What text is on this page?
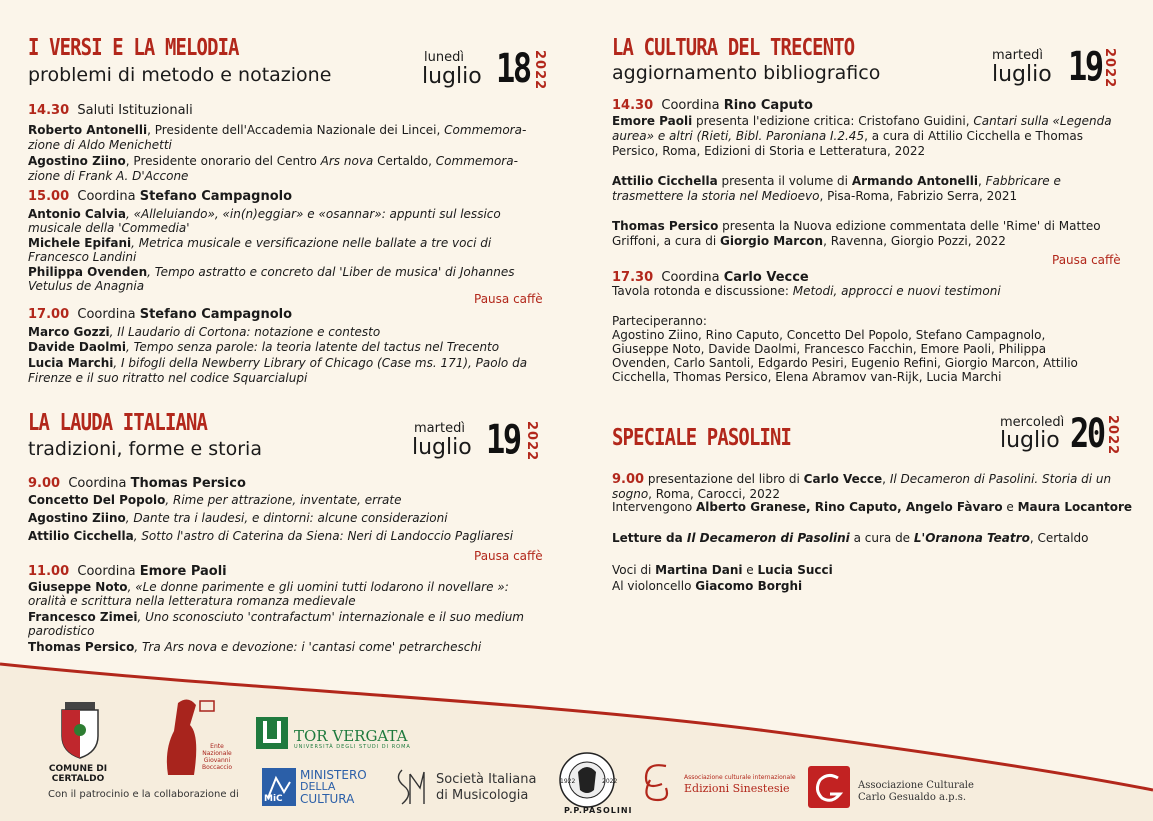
I VERSI E LA MELODIA
problemi di metodo e notazione
lunedì
luglio 18 2022
14.30 Saluti Istituzionali
Roberto Antonelli, Presidente dell'Accademia Nazionale dei Lincei, Commemora-
zione di Aldo Menichetti
Agostino Ziino, Presidente onorario del Centro Ars nova Certaldo, Commemora-
zione di Frank A. D'Accone
15.00 Coordina Stefano Campagnolo
Antonio Calvia, «Alleluiando», «in(n)eggiar» e «osannar»: appunti sul lessico
musicale della 'Commedia'
Michele Epifani, Metrica musicale e versificazione nelle ballate a tre voci di
Francesco Landini
Philippa Ovenden, Tempo astratto e concreto dal 'Liber de musica' di Johannes
Vetulus de Anagnia
Pausa caffè
17.00 Coordina Stefano Campagnolo
Marco Gozzi, Il Laudario di Cortona: notazione e contesto
Davide Daolmi, Tempo senza parole: la teoria latente del tactus nel Trecento
Lucia Marchi, I bifogli della Newberry Library of Chicago (Case ms. 171), Paolo da
Firenze e il suo ritratto nel codice Squarcialupi
LA CULTURA DEL TRECENTO
aggiornamento bibliografico
martedì
luglio 19 2022
14.30 Coordina Rino Caputo
Emore Paoli presenta l'edizione critica: Cristofano Guidini, Cantari sulla «Legenda
aurea» e altri (Rieti, Bibl. Paroniana I.2.45, a cura di Attilio Cicchella e Thomas
Persico, Roma, Edizioni di Storia e Letteratura, 2022
Attilio Cicchella presenta il volume di Armando Antonelli, Fabbricare e
trasmettere la storia nel Medioevo, Pisa-Roma, Fabrizio Serra, 2021
Thomas Persico presenta la Nuova edizione commentata delle 'Rime' di Matteo
Griffoni, a cura di Giorgio Marcon, Ravenna, Giorgio Pozzi, 2022
Pausa caffè
17.30 Coordina Carlo Vecce
Tavola rotonda e discussione: Metodi, approcci e nuovi testimoni
Parteciperanno:
Agostino Ziino, Rino Caputo, Concetto Del Popolo, Stefano Campagnolo,
Giuseppe Noto, Davide Daolmi, Francesco Facchin, Emore Paoli, Philippa
Ovenden, Carlo Santoli, Edgardo Pesiri, Eugenio Refini, Giorgio Marcon, Attilio
Cicchella, Thomas Persico, Elena Abramov van-Rijk, Lucia Marchi
LA LAUDA ITALIANA
tradizioni, forme e storia
martedì
luglio 19 2022
9.00 Coordina Thomas Persico
Concetto Del Popolo, Rime per attrazione, inventate, errate
Agostino Ziino, Dante tra i laudesi, e dintorni: alcune considerazioni
Attilio Cicchella, Sotto l'astro di Caterina da Siena: Neri di Landoccio Pagliaresi
Pausa caffè
11.00 Coordina Emore Paoli
Giuseppe Noto, «Le donne parimente e gli uomini tutti lodarono il novellare »:
oralità e scrittura nella letteratura romanza medievale
Francesco Zimei, Uno sconosciuto 'contrafactum' internazionale e il suo medium
parodistico
Thomas Persico, Tra Ars nova e devozione: i 'cantasi come' petrarcheschi
SPECIALE PASOLINI
mercoledì
luglio 20 2022
9.00 presentazione del libro di Carlo Vecce, Il Decameron di Pasolini. Storia di un
sogno, Roma, Carocci, 2022
Intervengono Alberto Granese, Rino Caputo, Angelo Fàvaro e Maura Locantore
Letture da Il Decameron di Pasolini a cura de L'Oranona Teatro, Certaldo
Voci di Martina Dani e Lucia Succi
Al violoncello Giacomo Borghi
COMUNE DI CERTALDO
Con il patrocinio e la collaborazione di
Ente Nazionale Giovanni Boccaccio
TOR VERGATA
UNIVERSITÀ DEGLI STUDI DI ROMA
MiC
MINISTERO
DELLA
CULTURA
Società Italiana
di Musicologia
1922	2022
P.P.PASOLINI
Associazione culturale internazionale
Edizioni Sinestesie	Associazione Culturale
Carlo Gesualdo a.p.s.
